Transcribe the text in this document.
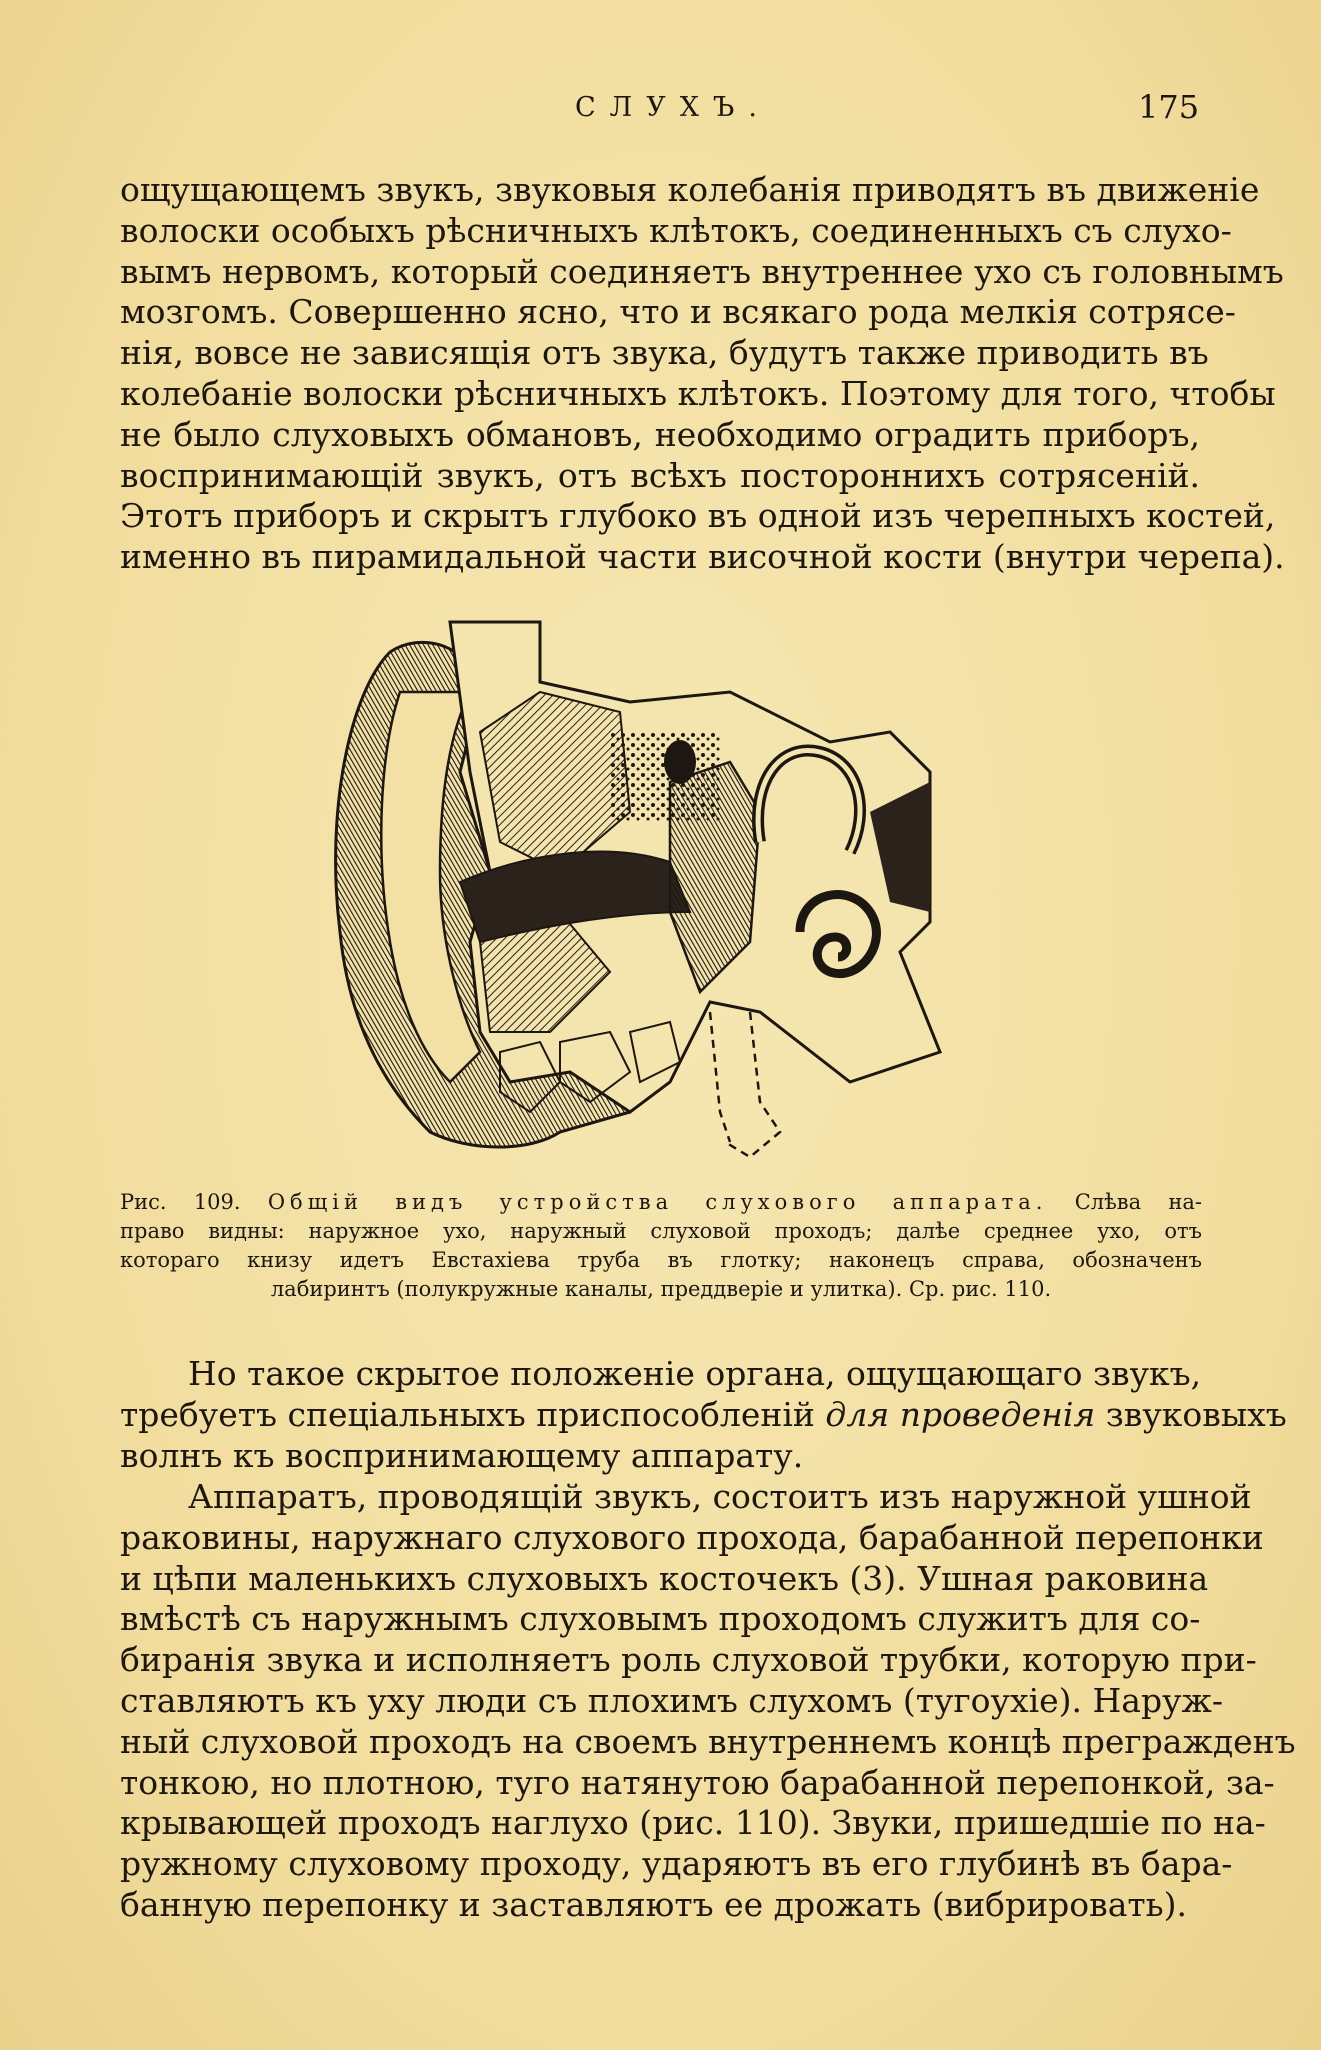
СЛУХЪ.	175
ощущающемъ звукъ, звуковыя колебанія приводятъ въ движеніе
волоски особыхъ рѣсничныхъ клѣтокъ, соединенныхъ съ слухо-
вымъ нервомъ, который соединяетъ внутреннее ухо съ головнымъ
мозгомъ. Совершенно ясно, что и всякаго рода мелкія сотрясе-
нія, вовсе не зависящія отъ звука, будутъ также приводить въ
колебаніе волоски рѣсничныхъ клѣтокъ. Поэтому для того, чтобы
не было слуховыхъ обмановъ, необходимо оградить приборъ,
воспринимающій звукъ, отъ всѣхъ постороннихъ сотрясеній.
Этотъ приборъ и скрытъ глубоко въ одной изъ черепныхъ костей,
именно въ пирамидальной части височной кости (внутри черепа).
Рис. 109. Общій видъ устройства слухового аппарата. Слѣва на-
право видны: наружное ухо, наружный слуховой проходъ; далѣе среднее ухо, отъ
котораго книзу идетъ Евстахіева труба въ глотку; наконецъ справа, обозначенъ
лабиринтъ (полукружные каналы, преддверіе и улитка). Ср. рис. 110.
Но такое скрытое положеніе органа, ощущающаго звукъ,
требуетъ спеціальныхъ приспособленій для проведенія звуковыхъ
волнъ къ воспринимающему аппарату.
Аппаратъ, проводящій звукъ, состоитъ изъ наружной ушной
раковины, наружнаго слухового прохода, барабанной перепонки
и цѣпи маленькихъ слуховыхъ косточекъ (3). Ушная раковина
вмѣстѣ съ наружнымъ слуховымъ проходомъ служитъ для со-
биранія звука и исполняетъ роль слуховой трубки, которую при-
ставляютъ къ уху люди съ плохимъ слухомъ (тугоухіе). Наруж-
ный слуховой проходъ на своемъ внутреннемъ концѣ прегражденъ
тонкою, но плотною, туго натянутою барабанной перепонкой, за-
крывающей проходъ наглухо (рис. 110). Звуки, пришедшіе по на-
ружному слуховому проходу, ударяютъ въ его глубинѣ въ бара-
банную перепонку и заставляютъ ее дрожать (вибрировать).
